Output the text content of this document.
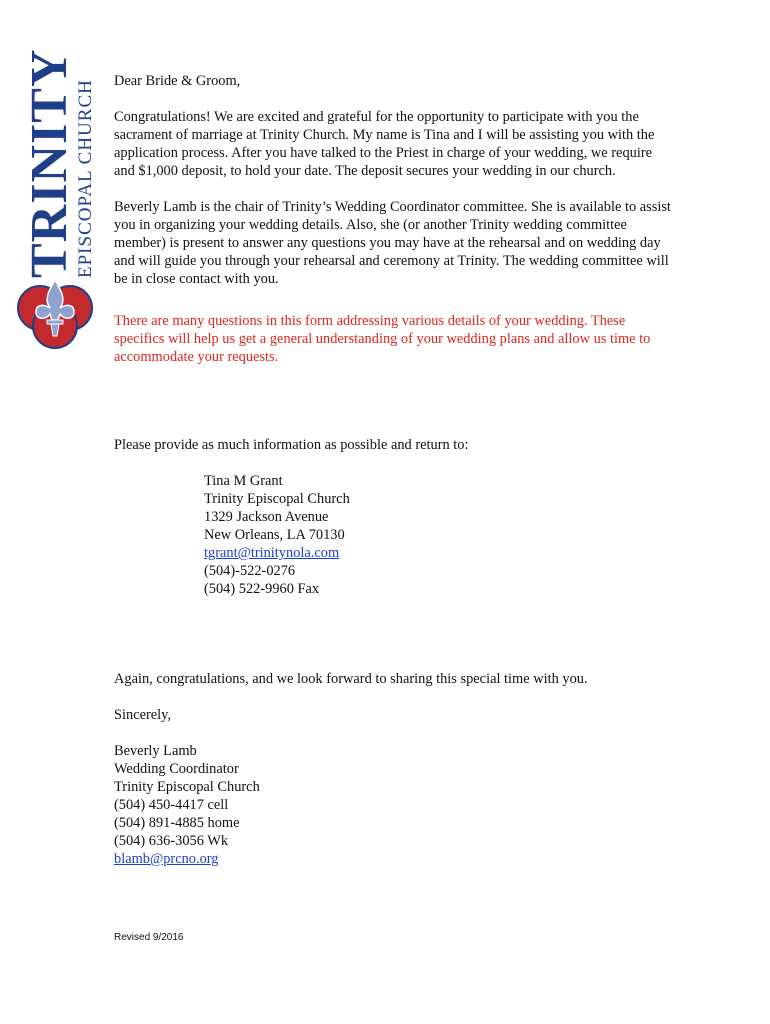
TRINITY
EPISCOPAL CHURCH Dear Bride & Groom,

Congratulations! We are excited and grateful for the opportunity to participate with you the sacrament of marriage at Trinity Church. My name is Tina and I will be assisting you with the application process. After you have talked to the Priest in charge of your wedding, we require and $1,000 deposit, to hold your date. The deposit secures your wedding in our church.

Beverly Lamb is the chair of Trinity’s Wedding Coordinator committee. She is available to assist you in organizing your wedding details. Also, she (or another Trinity wedding committee member) is present to answer any questions you may have at the rehearsal and on wedding day and will guide you through your rehearsal and ceremony at Trinity. The wedding committee will be in close contact with you.

There are many questions in this form addressing various details of your wedding. These specifics will help us get a general understanding of your wedding plans and allow us time to accommodate your requests.

Please provide as much information as possible and return to:

Tina M Grant
Trinity Episcopal Church
1329 Jackson Avenue
New Orleans, LA 70130
tgrant@trinitynola.com
(504)-522-0276
(504) 522-9960 Fax

Again, congratulations, and we look forward to sharing this special time with you.

Sincerely,

Beverly Lamb
Wedding Coordinator
Trinity Episcopal Church
(504) 450-4417 cell
(504) 891-4885 home
(504) 636-3056 Wk
blamb@prcno.org
Revised 9/2016
